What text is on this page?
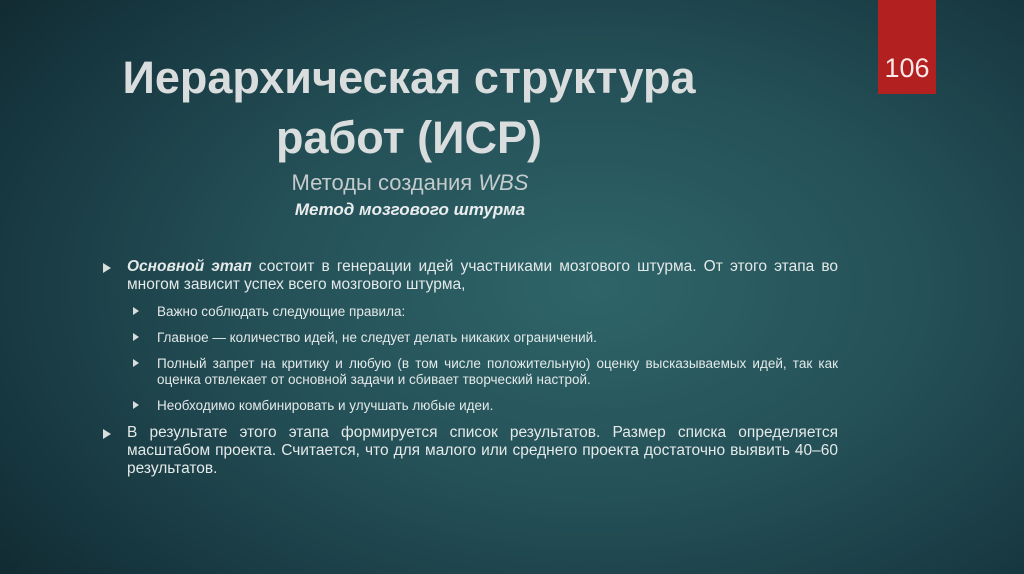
106
Иерархическая структура
работ (ИСР)
Методы создания WBS
Метод мозгового штурма
Основной этап состоит в генерации идей участниками мозгового штурма. От этого этапа во многом зависит успех всего мозгового штурма,
Важно соблюдать следующие правила:
Главное — количество идей, не следует делать никаких ограничений.
Полный запрет на критику и любую (в том числе положительную) оценку высказываемых идей, так как оценка отвлекает от основной задачи и сбивает творческий настрой.
Необходимо комбинировать и улучшать любые идеи.
В результате этого этапа формируется список результатов. Размер списка определяется масштабом проекта. Считается, что для малого или среднего проекта достаточно выявить 40–60 результатов.
